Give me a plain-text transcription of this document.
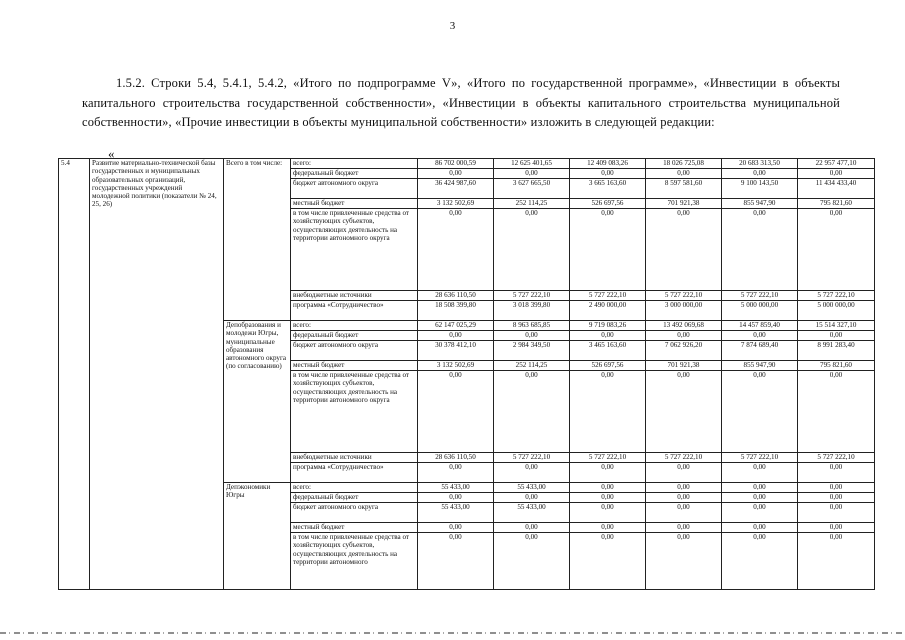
3
1.5.2. Строки 5.4, 5.4.1, 5.4.2, «Итого по подпрограмме V», «Итого по государственной программе», «Инвестиции в объекты капитального строительства государственной собственности», «Инвестиции в объекты капитального строительства муниципальной собственности», «Прочие инвестиции в объекты муниципальной собственности» изложить в следующей редакции:
«
5.4	Развитие материально-технической базы государственных и муниципальных образовательных организаций, государственных учреждений молодежной политики (показатели № 24, 25, 26)	Всего в том числе:	всего:	86 702 000,59	12 625 401,65	12 409 083,26	18 026 725,08	20 683 313,50	22 957 477,10
			федеральный бюджет	0,00	0,00	0,00	0,00	0,00	0,00
			бюджет автономного округа	36 424 987,60	3 627 665,50	3 665 163,60	8 597 581,60	9 100 143,50	11 434 433,40
			местный бюджет	3 132 502,69	252 114,25	526 697,56	701 921,38	855 947,90	795 821,60
			в том числе привлеченные средства от хозяйствующих субъектов, осуществляющих деятельность на территории автономного округа	0,00	0,00	0,00	0,00	0,00	0,00
			внебюджетные источники	28 636 110,50	5 727 222,10	5 727 222,10	5 727 222,10	5 727 222,10	5 727 222,10
			программа «Сотрудничество»	18 508 399,80	3 018 399,80	2 490 000,00	3 000 000,00	5 000 000,00	5 000 000,00
		Депобразования и молодежи Югры, муниципальные образования автономного округа (по согласованию)	всего:	62 147 025,29	8 963 685,85	9 719 083,26	13 492 069,68	14 457 859,40	15 514 327,10
			федеральный бюджет	0,00	0,00	0,00	0,00	0,00	0,00
			бюджет автономного округа	30 378 412,10	2 984 349,50	3 465 163,60	7 062 926,20	7 874 689,40	8 991 283,40
			местный бюджет	3 132 502,69	252 114,25	526 697,56	701 921,38	855 947,90	795 821,60
			в том числе привлеченные средства от хозяйствующих субъектов, осуществляющих деятельность на территории автономного округа	0,00	0,00	0,00	0,00	0,00	0,00
			внебюджетные источники	28 636 110,50	5 727 222,10	5 727 222,10	5 727 222,10	5 727 222,10	5 727 222,10
			программа «Сотрудничество»	0,00	0,00	0,00	0,00	0,00	0,00
		Депэкономики Югры	всего:	55 433,00	55 433,00	0,00	0,00	0,00	0,00
			федеральный бюджет	0,00	0,00	0,00	0,00	0,00	0,00
			бюджет автономного округа	55 433,00	55 433,00	0,00	0,00	0,00	0,00
			местный бюджет	0,00	0,00	0,00	0,00	0,00	0,00
			в том числе привлеченные средства от хозяйствующих субъектов, осуществляющих деятельность на территории автономного	0,00	0,00	0,00	0,00	0,00	0,00
